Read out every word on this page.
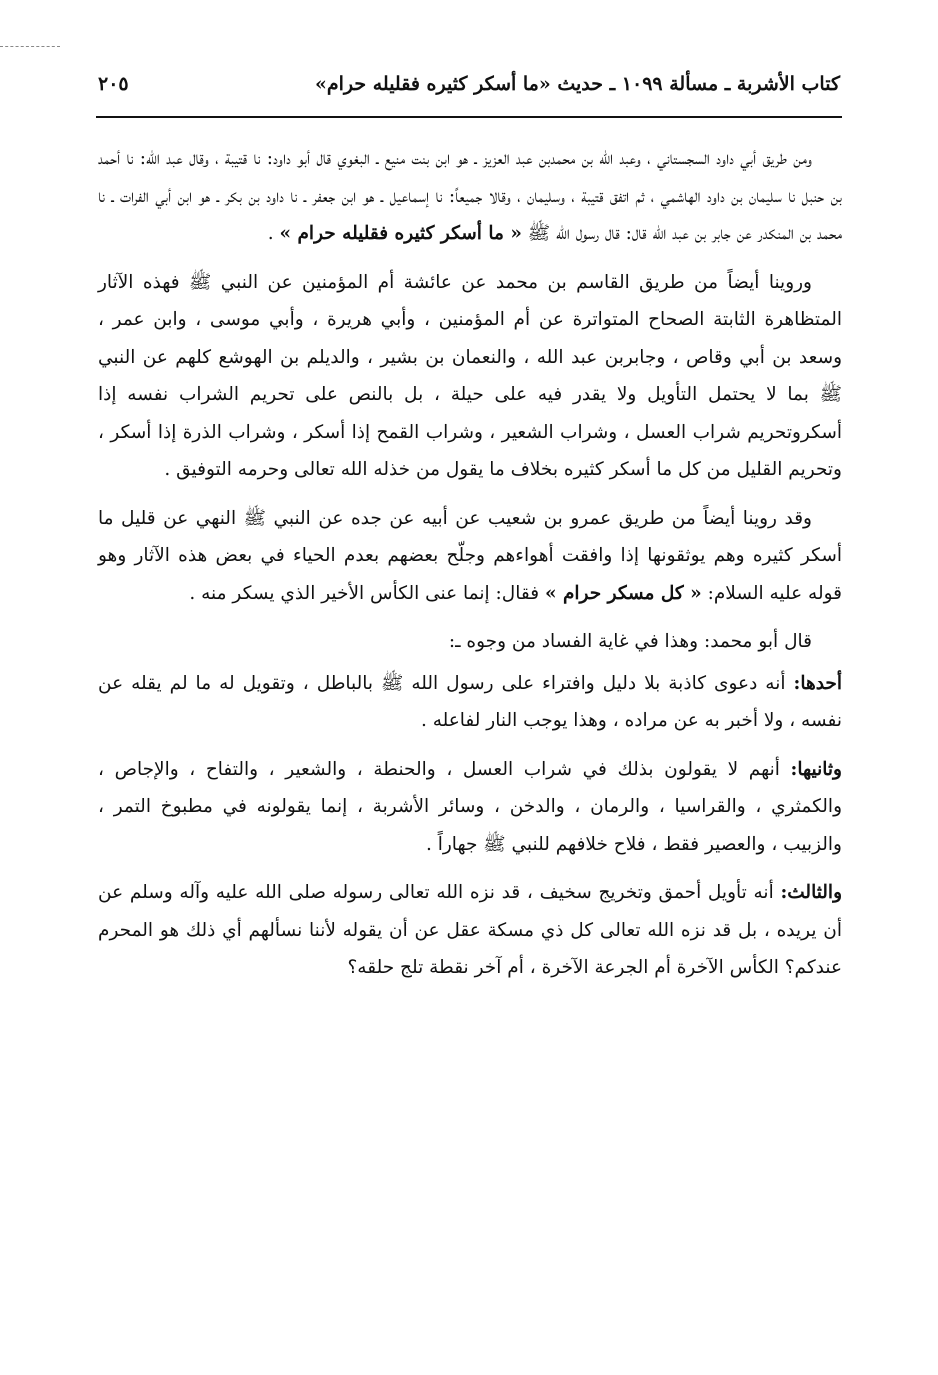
كتاب الأشربة ـ مسألة ١٠٩٩ ـ حديث «ما أسكر كثيره فقليله حرام»
٢٠٥

ومن طريق أبي داود السجستاني ، وعبد الله بن محمدبن عبد العزيز ـ هو ابن بنت منيع ـ البغوي قال أبو داود: نا قتيبة ، وقال عبد الله: نا أحمد بن حنبل نا سليمان بن داود الهاشمي ، ثم اتفق قتيبة ، وسليمان ، وقالا جميعاً: نا إسماعيل ـ هو ابن جعفر ـ نا داود بن بكر ـ هو ابن أبي الفرات ـ نا محمد بن المنكدر عن جابر بن عبد الله قال: قال رسول الله ﷺ « ما أسكر كثيره فقليله حرام » .

وروينا أيضاً من طريق القاسم بن محمد عن عائشة أم المؤمنين عن النبي ﷺ فهذه الآثار المتظاهرة الثابتة الصحاح المتواترة عن أم المؤمنين ، وأبي هريرة ، وأبي موسى ، وابن عمر ، وسعد بن أبي وقاص ، وجابربن عبد الله ، والنعمان بن بشير ، والديلم بن الهوشع كلهم عن النبي ﷺ بما لا يحتمل التأويل ولا يقدر فيه على حيلة ، بل بالنص على تحريم الشراب نفسه إذا أسكروتحريم شراب العسل ، وشراب الشعير ، وشراب القمح إذا أسكر ، وشراب الذرة إذا أسكر ، وتحريم القليل من كل ما أسكر كثيره بخلاف ما يقول من خذله الله تعالى وحرمه التوفيق .

وقد روينا أيضاً من طريق عمرو بن شعيب عن أبيه عن جده عن النبي ﷺ النهي عن قليل ما أسكر كثيره وهم يوثقونها إذا وافقت أهواءهم وجلّح بعضهم بعدم الحياء في بعض هذه الآثار وهو قوله عليه السلام: « كل مسكر حرام » فقال: إنما عنى الكأس الأخير الذي يسكر منه .

قال أبو محمد: وهذا في غاية الفساد من وجوه ـ:

أحدها: أنه دعوى كاذبة بلا دليل وافتراء على رسول الله ﷺ بالباطل ، وتقويل له ما لم يقله عن نفسه ، ولا أخبر به عن مراده ، وهذا يوجب النار لفاعله .

وثانيها: أنهم لا يقولون بذلك في شراب العسل ، والحنطة ، والشعير ، والتفاح ، والإجاص ، والكمثري ، والقراسيا ، والرمان ، والدخن ، وسائر الأشربة ، إنما يقولونه في مطبوخ التمر ، والزبيب ، والعصير فقط ، فلاح خلافهم للنبي ﷺ جهاراً .

والثالث: أنه تأويل أحمق وتخريج سخيف ، قد نزه الله تعالى رسوله صلى الله عليه وآله وسلم عن أن يريده ، بل قد نزه الله تعالى كل ذي مسكة عقل عن أن يقوله لأننا نسألهم أي ذلك هو المحرم عندكم؟ الكأس الآخرة أم الجرعة الآخرة ، أم آخر نقطة تلج حلقه؟
